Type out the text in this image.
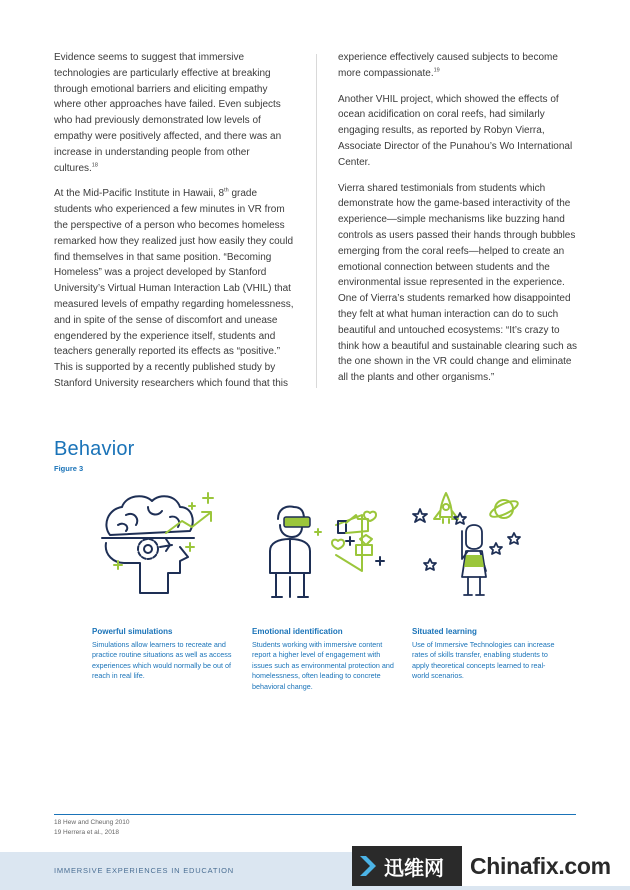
Evidence seems to suggest that immersive technologies are particularly effective at breaking through emotional barriers and eliciting empathy where other approaches have failed. Even subjects who had previously demonstrated low levels of empathy were positively affected, and there was an increase in understanding people from other cultures.$^{18}$

At the Mid-Pacific Institute in Hawaii, 8th grade students who experienced a few minutes in VR from the perspective of a person who becomes homeless remarked how they realized just how easily they could find themselves in that same position. “Becoming Homeless” was a project developed by Stanford University’s Virtual Human Interaction Lab (VHIL) that measured levels of empathy regarding homelessness, and in spite of the sense of discomfort and unease engendered by the experience itself, students and teachers generally reported its effects as “positive.” This is supported by a recently published study by Stanford University researchers which found that this

experience effectively caused subjects to become more compassionate.$^{19}$

Another VHIL project, which showed the effects of ocean acidification on coral reefs, had similarly engaging results, as reported by Robyn Vierra, Associate Director of the Punahou’s Wo International Center.

Vierra shared testimonials from students which demonstrate how the game-based interactivity of the experience—simple mechanisms like buzzing hand controls as users passed their hands through bubbles emerging from the coral reefs—helped to create an emotional connection between students and the environmental issue represented in the experience. One of Vierra’s students remarked how disappointed they felt at what human interaction can do to such beautiful and untouched ecosystems: “It’s crazy to think how a beautiful and sustainable clearing such as the one shown in the VR could change and eliminate all the plants and other organisms.”

Behavior
Figure 3
Powerful simulations

Simulations allow learners to recreate and practice routine situations as well as access experiences which would normally be out of reach in real life.

Emotional identification

Students working with immersive content report a higher level of engagement with issues such as environmental protection and homelessness, often leading to concrete behavioral change.

Situated learning

Use of Immersive Technologies can increase rates of skills transfer, enabling students to apply theoretical concepts learned to real-world scenarios.

18 Hew and Cheung 2010
19 Herrera et al., 2018
IMMERSIVE EXPERIENCES IN EDUCATION	迅维网 Chinafix.com
